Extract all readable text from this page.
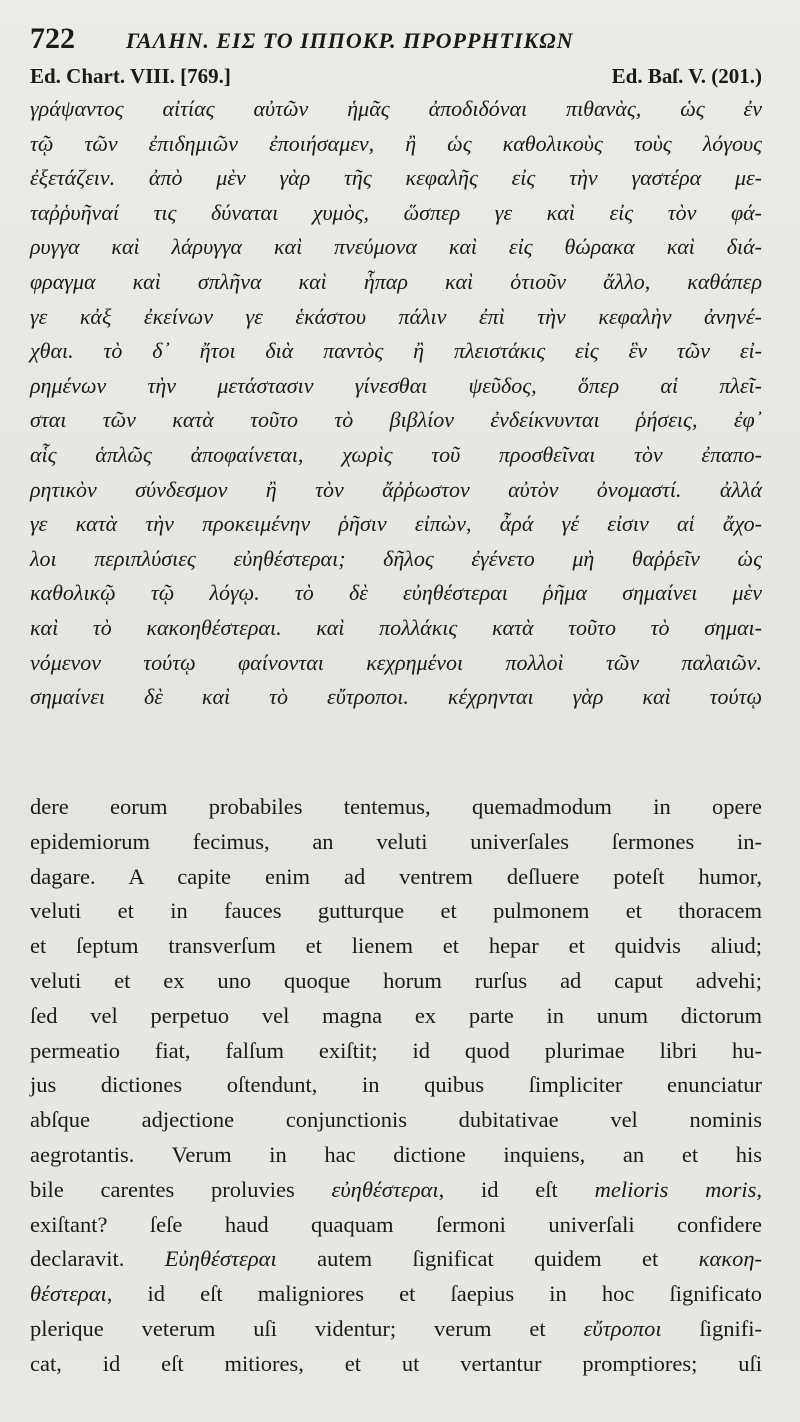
722	ΓΑΛΗΝ. ΕΙΣ ΤΟ ΙΠΠΟΚΡ. ΠΡΟΡΡΗΤΙΚΩΝ
Ed. Chart. VIII. [769.]	Ed. Baſ. V. (201.)
γράψαντος αἰτίας αὐτῶν ἡμᾶς ἀποδιδόναι πιθανὰς, ὡς ἐν
τῷ τῶν ἐπιδημιῶν ἐποιήσαμεν, ἢ ὡς καθολικοὺς τοὺς λόγους
ἐξετάζειν. ἀπὸ μὲν γὰρ τῆς κεφαλῆς εἰς τὴν γαστέρα με-
ταῤῥυῆναί τις δύναται χυμὸς, ὥσπερ γε καὶ εἰς τὸν φά-
ρυγγα καὶ λάρυγγα καὶ πνεύμονα καὶ εἰς θώρακα καὶ διά-
φραγμα καὶ σπλῆνα καὶ ἧπαρ καὶ ὁτιοῦν ἄλλο, καθάπερ
γε κἀξ ἐκείνων γε ἑκάστου πάλιν ἐπὶ τὴν κεφαλὴν ἀνηνέ-
χθαι. τὸ δ᾽ ἤτοι διὰ παντὸς ἢ πλειστάκις εἰς ἓν τῶν εἰ-
ρημένων τὴν μετάστασιν γίνεσθαι ψεῦδος, ὅπερ αἱ πλεῖ-
σται τῶν κατὰ τοῦτο τὸ βιβλίον ἐνδείκνυνται ῥήσεις, ἐφ᾽
αἷς ἁπλῶς ἀποφαίνεται, χωρὶς τοῦ προσθεῖναι τὸν ἐπαπο-
ρητικὸν σύνδεσμον ἢ τὸν ἄῤῥωστον αὐτὸν ὀνομαστί. ἀλλά
γε κατὰ τὴν προκειμένην ῥῆσιν εἰπὼν, ἆρά γέ εἰσιν αἱ ἄχο-
λοι περιπλύσιες εὐηθέστεραι; δῆλος ἐγένετο μὴ θαῤῥεῖν ὡς
καθολικῷ τῷ λόγῳ. τὸ δὲ εὐηθέστεραι ῥῆμα σημαίνει μὲν
καὶ τὸ κακοηθέστεραι. καὶ πολλάκις κατὰ τοῦτο τὸ σημαι-
νόμενον τούτῳ φαίνονται κεχρημένοι πολλοὶ τῶν παλαιῶν.
σημαίνει δὲ καὶ τὸ εὔτροποι. κέχρηνται γὰρ καὶ τούτῳ
dere eorum probabiles tentemus, quemadmodum in opere
epidemiorum fecimus, an veluti univerſales ſermones in-
dagare. A capite enim ad ventrem deſluere poteſt humor,
veluti et in fauces gutturque et pulmonem et thoracem
et ſeptum transverſum et lienem et hepar et quidvis aliud;
veluti et ex uno quoque horum rurſus ad caput advehi;
ſed vel perpetuo vel magna ex parte in unum dictorum
permeatio fiat, falſum exiſtit; id quod plurimae libri hu-
jus dictiones oſtendunt, in quibus ſimpliciter enunciatur
abſque adjectione conjunctionis dubitativae vel nominis
aegrotantis. Verum in hac dictione inquiens, an et his
bile carentes proluvies εὐηθέστεραι, id eſt melioris moris,
exiſtant? ſeſe haud quaquam ſermoni univerſali confidere
declaravit. Εὐηθέστεραι autem ſignificat quidem et κακοη-
θέστεραι, id eſt maligniores et ſaepius in hoc ſignificato
plerique veterum uſi videntur; verum et εὔτροποι ſignifi-
cat, id eſt mitiores, et ut vertantur promptiores; uſi
